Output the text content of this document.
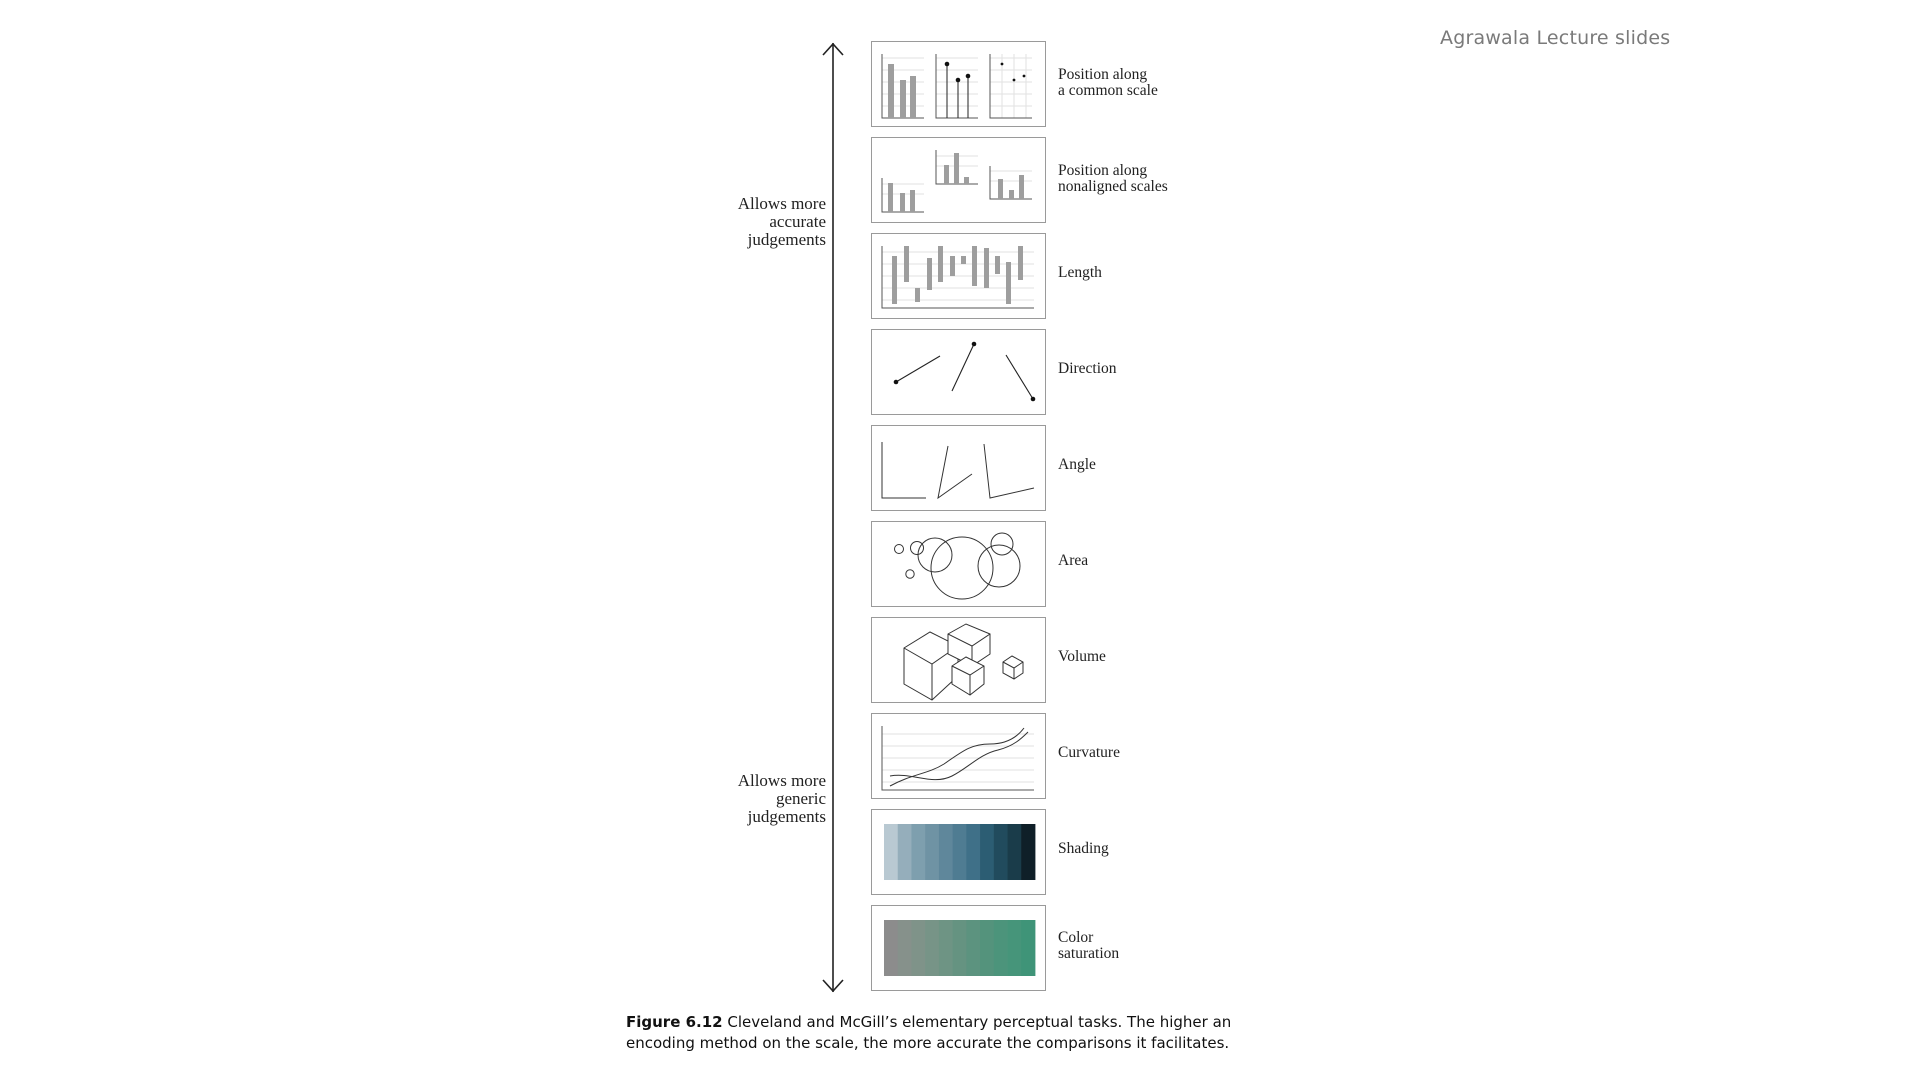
Agrawala Lecture slides
Allows more
accurate
judgements
Allows more
generic
judgements
Position along
a common scale
Position along
nonaligned scales
Length
Direction
Angle
Area
Volume
Curvature
Shading
Color
saturation
Figure 6.12 Cleveland and McGill’s elementary perceptual tasks. The higher an encoding method on the scale, the more accurate the comparisons it facilitates.
